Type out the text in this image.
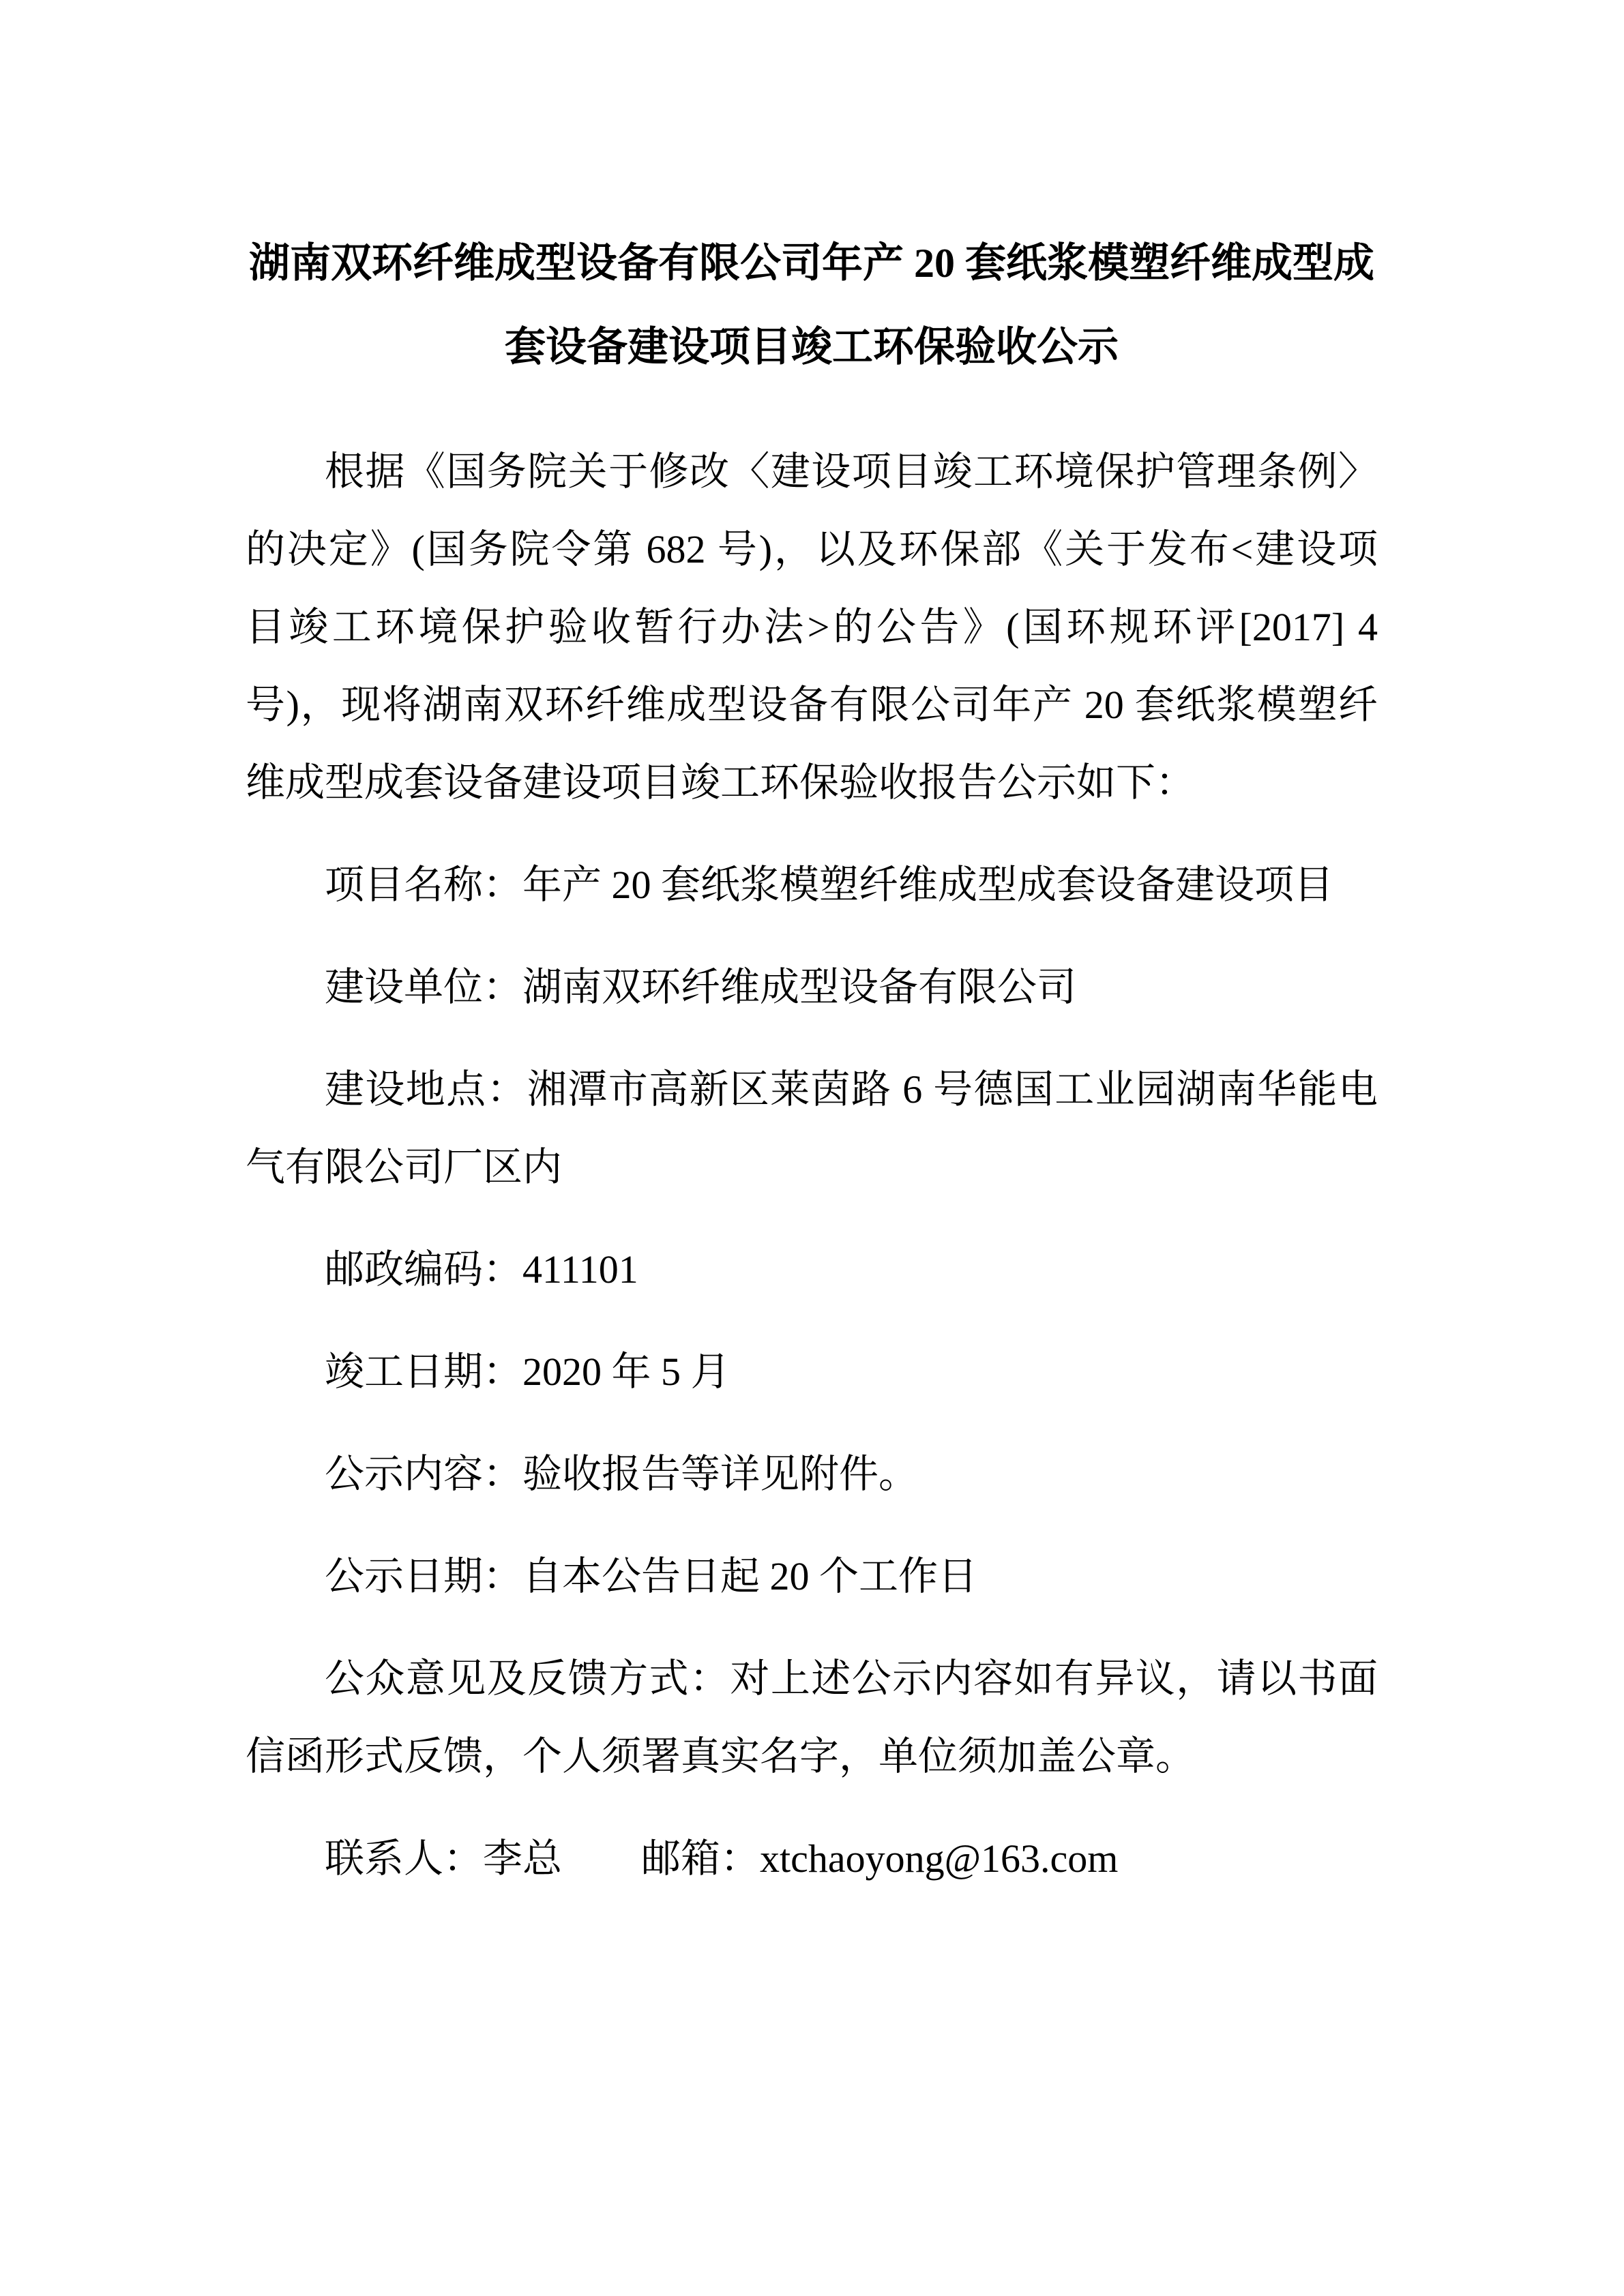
湖南双环纤维成型设备有限公司年产 20 套纸浆模塑纤维成型成
套设备建设项目竣工环保验收公示

根据《国务院关于修改〈建设项目竣工环境保护管理条例〉
的决定》(国务院令第 682 号)，以及环保部《关于发布<建设项
目竣工环境保护验收暂行办法>的公告》(国环规环评[2017] 4
号)，现将湖南双环纤维成型设备有限公司年产 20 套纸浆模塑纤
维成型成套设备建设项目竣工环保验收报告公示如下：

项目名称：年产 20 套纸浆模塑纤维成型成套设备建设项目

建设单位：湖南双环纤维成型设备有限公司

建设地点：湘潭市高新区莱茵路 6 号德国工业园湖南华能电
气有限公司厂区内

邮政编码：411101

竣工日期：2020 年 5 月

公示内容：验收报告等详见附件。

公示日期：自本公告日起 20 个工作日

公众意见及反馈方式：对上述公示内容如有异议，请以书面
信函形式反馈，个人须署真实名字，单位须加盖公章。

联系人：李总　　邮箱：xtchaoyong@163.com
